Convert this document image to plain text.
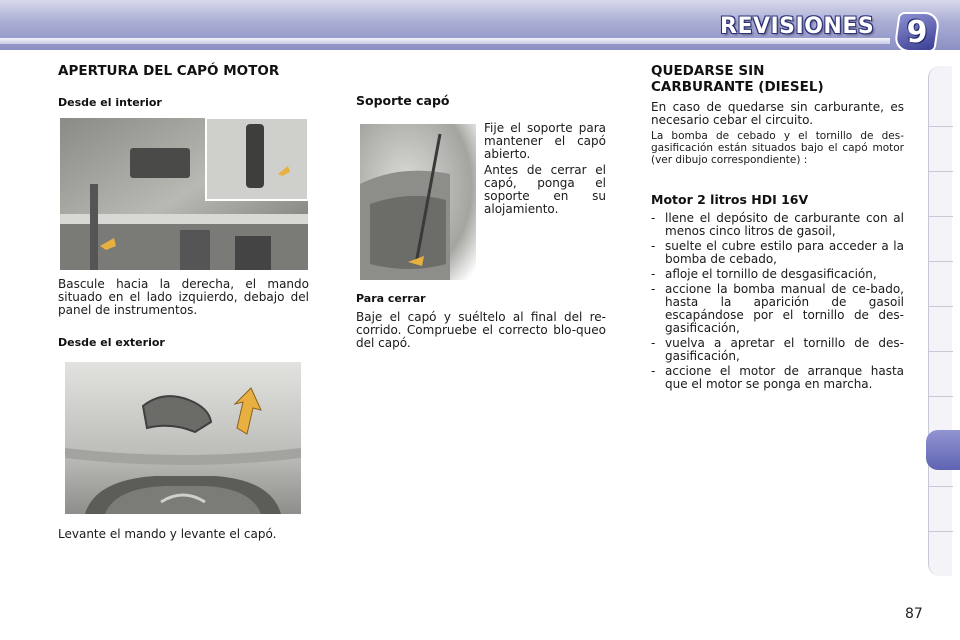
REVISIONES 9
APERTURA DEL CAPÓ MOTOR
Desde el interior

Bascule hacia la derecha, el mando situado en el lado izquierdo, debajo del panel de instrumentos.

Desde el exterior

Levante el mando y levante el capó.

Soporte capó

Fije el soporte para mantener el capó abierto.

Antes de cerrar el capó, ponga el soporte en su alojamiento.

Para cerrar

Baje el capó y suéltelo al final del re-corrido. Compruebe el correcto blo-queo del capó.

QUEDARSE SIN CARBURANTE (DIESEL)

En caso de quedarse sin carburante, es necesario cebar el circuito.

La bomba de cebado y el tornillo de des-gasificación están situados bajo el capó motor (ver dibujo correspondiente) :

Motor 2 litros HDI 16V
- llene el depósito de carburante con al menos cinco litros de gasoil,
- suelte el cubre estilo para acceder a la bomba de cebado,
- afloje el tornillo de desgasificación,
- accione la bomba manual de ce-bado, hasta la aparición de gasoil escapándose por el tornillo de des-gasificación,
- vuelva a apretar el tornillo de des-gasificación,
- accione el motor de arranque hasta que el motor se ponga en marcha.
87
